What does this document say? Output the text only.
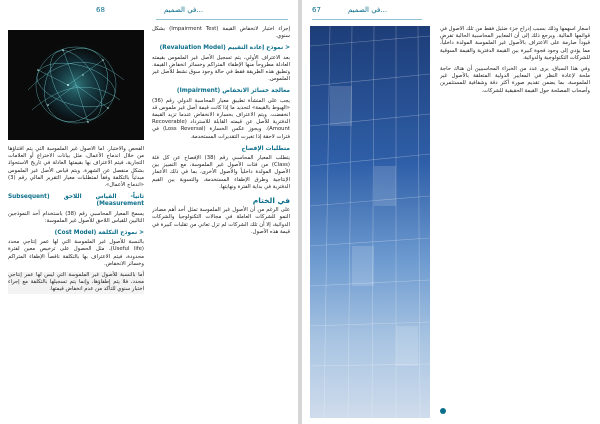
68	في الصميم...

إجراء اختبار لانخفاض القيمة (Impairment Test) بشكل سنوي.

< نموذج إعادة التقييم (Revaluation Model)

بعد الاعتراف الأولي، يتم تسجيل الأصل غير الملموس بقيمته العادلة مطروحاً منها الإطفاء المتراكم وخسائر انخفاض القيمة. وتطبق هذه الطريقة فقط في حالة وجود سوق نشط للأصل غير الملموس.

معالجة خسائر الانخفاض (Impairment)

يجب على المنشأة تطبيق معيار المحاسبة الدولي رقم (36) «الهبوط بالقيمة» لتحديد ما إذا كانت قيمة أصل غير ملموس قد انخفضت. ويتم الاعتراف بخسارة الانخفاض عندما تزيد القيمة الدفترية للأصل عن قيمته القابلة للاسترداد (Recoverable Amount). ويجوز عكس الخسارة (Loss Reversal) في فترات لاحقة إذا تغيرت التقديرات المستخدمة.

متطلبات الإفصاح

يتطلب المعيار المحاسبي رقم (38) الإفصاح عن كل فئة (Class) من فئات الأصول غير الملموسة، مع التمييز بين الأصول المولدة داخلياً والأصول الأخرى، بما في ذلك الأعمار الإنتاجية وطرق الإطفاء المستخدمة، والتسوية بين القيم الدفترية في بداية الفترة ونهايتها.

في الختام

على الرغم من أن الأصول غير الملموسة تمثل أحد أهم مصادر النمو للشركات العاملة في مجالات التكنولوجيا والشركات الدوائية، إلا أن تلك الشركات لم تزل تعاني من تقلبات كبيرة في قيمة هذه الأصول.

الفحص والاختبار. أما الأصول غير الملموسة التي يتم اقتناؤها من خلال اندماج الأعمال، مثل بيانات الاختراع أو العلامات التجارية، فيتم الاعتراف بها بقيمتها العادلة في تاريخ الاستحواذ بشكل منفصل عن الشهرة. ويتم قياس الأصل غير الملموس مبدئياً بالتكلفة وفقاً لمتطلبات معيار التقرير المالي رقم (3) «اندماج الأعمال».

ثانياً- القياس اللاحق (Subsequent Measurement)

يسمح المعيار المحاسبي رقم (38) باستخدام أحد النموذجين التاليين للقياس اللاحق للأصول غير الملموسة:

< نموذج التكلفة (Cost Model)

بالنسبة للأصول غير الملموسة التي لها عمر إنتاجي محدد (Useful life)، مثل الحصول على ترخيص معين لفترة محدودة، فيتم الاعتراف بها بالتكلفة ناقصاً الإطفاء المتراكم وخسائر الانخفاض.

أما بالنسبة للأصول غير الملموسة التي ليس لها عمر إنتاجي محدد، فلا يتم إطفاؤها، وإنما يتم تسجيلها بالتكلفة مع إجراء اختبار سنوي للتأكد من عدم انخفاض قيمتها.

67	في الصميم...

أسعار أسهمها وذلك بسبب إدراج جزء ضئيل فقط من تلك الأصول في قوائمها المالية. ويرجع ذلك إلى أن المعايير المحاسبية الحالية تفرض قيوداً صارمة على الاعتراف بالأصول غير الملموسة المولدة داخلياً، مما يؤدي إلى وجود فجوة كبيرة بين القيمة الدفترية والقيمة السوقية للشركات التكنولوجية والدوائية.

وفي هذا السياق، يرى عدد من الخبراء المحاسبيين أن هناك حاجة ملحة لإعادة النظر في المعايير الدولية المتعلقة بالأصول غير الملموسة، بما يضمن تقديم صورة أكثر دقة وشفافية للمستثمرين وأصحاب المصلحة حول القيمة الحقيقية للشركات.
